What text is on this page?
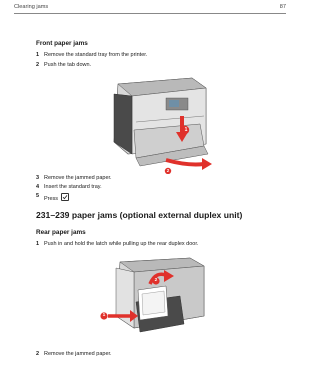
Clearing jams	87
Front paper jams
1 Remove the standard tray from the printer.
2 Push the tab down.
1
2
3 Remove the jammed paper.
4 Insert the standard tray.
5 Press
231–239 paper jams (optional external duplex unit)
Rear paper jams
1 Push in and hold the latch while pulling up the rear duplex door.
1
2
2 Remove the jammed paper.
